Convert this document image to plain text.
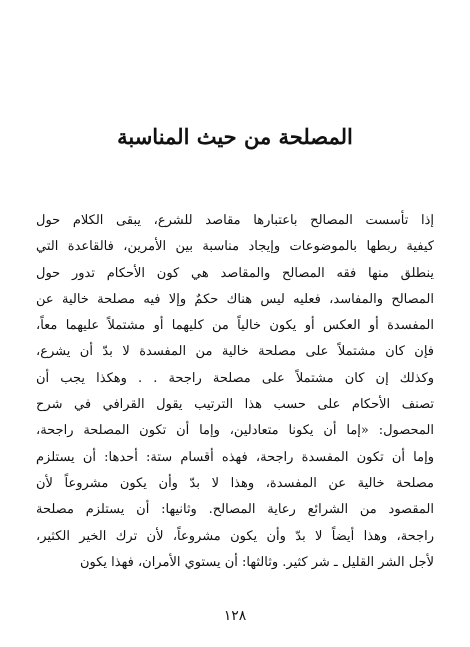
المصلحة من حيث المناسبة
إذا تأسست المصالح باعتبارها مقاصد للشرع، يبقى الكلام حول
كيفية ربطها بالموضوعات وإيجاد مناسبة بين الأمرين، فالقاعدة التي
ينطلق منها فقه المصالح والمقاصد هي كون الأحكام تدور حول
المصالح والمفاسد، فعليه ليس هناك حكمٌ وإلا فيه مصلحة خالية عن
المفسدة أو العكس أو يكون خالياً من كليهما أو مشتملاً عليهما معاً،
فإن كان مشتملاً على مصلحة خالية من المفسدة لا بدّ أن يشرع،
وكذلك إن كان مشتملاً على مصلحة راجحة . . وهكذا يجب أن
تصنف الأحكام على حسب هذا الترتيب يقول القرافي في شرح
المحصول: «إما أن يكونا متعادلين، وإما أن تكون المصلحة راجحة،
وإما أن تكون المفسدة راجحة، فهذه أقسام ستة: أحدها: أن يستلزم
مصلحة خالية عن المفسدة، وهذا لا بدّ وأن يكون مشروعاً لأن
المقصود من الشرائع رعاية المصالح. وثانيها: أن يستلزم مصلحة
راجحة، وهذا أيضاً لا بدّ وأن يكون مشروعاً، لأن ترك الخير الكثير،
لأجل الشر القليل ـ شر كثير. وثالثها: أن يستوي الأمران، فهذا يكون
١٢٨
